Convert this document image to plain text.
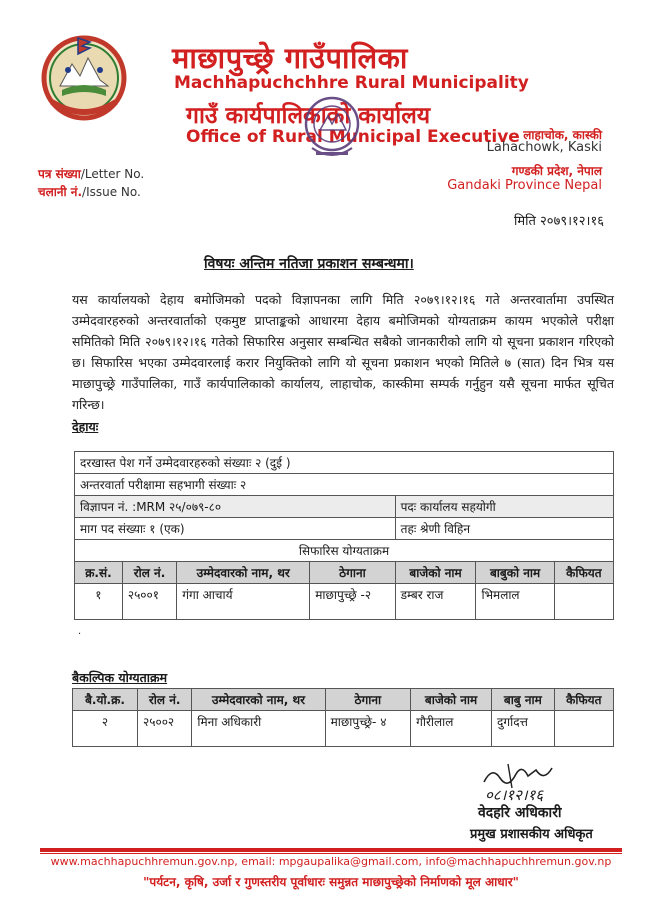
माछापुच्छ्रे गाउँपालिका
Machhapuchchhre Rural Municipality
गाउँ कार्यपालिकाको कार्यालय
Office of Rural Municipal Executive लाहाचोक, कास्की
Lahachowk, Kaski
गण्डकी प्रदेश, नेपाल
Gandaki Province Nepal
पत्र संख्या/Letter No.
चलानी नं./Issue No.
मिति २०७९।१२।१६
विषयः अन्तिम नतिजा प्रकाशन सम्बन्धमा।
यस कार्यालयको देहाय बमोजिमको पदको विज्ञापनका लागि मिति २०७९।१२।१६ गते अन्तरवार्तामा उपस्थित उम्मेदवारहरुको अन्तरवार्ताको एकमुष्ट प्राप्ताङ्कको आधारमा देहाय बमोजिमको योग्यताक्रम कायम भएकोले परीक्षा समितिको मिति २०७९।१२।१६ गतेको सिफारिस अनुसार सम्बन्धित सबैको जानकारीको लागि यो सूचना प्रकाशन गरिएको छ। सिफारिस भएका उम्मेदवारलाई करार नियुक्तिको लागि यो सूचना प्रकाशन भएको मितिले ७ (सात) दिन भित्र यस माछापुच्छ्रे गाउँपालिका, गाउँ कार्यपालिकाको कार्यालय, लाहाचोक, कास्कीमा सम्पर्क गर्नुहुन यसै सूचना मार्फत सूचित गरिन्छ।
देहायः
दरखास्त पेश गर्ने उम्मेदवारहरुको संख्याः २ (दुई )						
अन्तरवार्ता परीक्षामा सहभागी संख्याः २						
विज्ञापन नं. :MRM २५/०७९-८०				पदः कार्यालय सहयोगी		
माग पद संख्याः १ (एक)				तहः श्रेणी विहिन		
सिफारिस योग्यताक्रम						
क्र.सं.	रोल नं.	उम्मेदवारको नाम, थर	ठेगाना	बाजेको नाम	बाबुको नाम	कैफियत
१	२५००१	गंगा आचार्य	माछापुच्छ्रे -२	डम्बर राज	भिमलाल	
.
बैकल्पिक योग्यताक्रम
बै.यो.क्र.	रोल नं.	उम्मेदवारको नाम, थर	ठेगाना	बाजेको नाम	बाबु नाम	कैफियत
२	२५००२	मिना अधिकारी	माछापुच्छ्रे- ४	गौरीलाल	दुर्गादत्त	
०८।१२।१६
वेदहरि अधिकारी
प्रमुख प्रशासकीय अधिकृत
www.machhapuchhremun.gov.np, email: mpgaupalika@gmail.com, info@machhapuchhremun.gov.np
"पर्यटन, कृषि, उर्जा र गुणस्तरीय पूर्वाधारः समुन्नत माछापुच्छ्रेको निर्माणको मूल आधार"
